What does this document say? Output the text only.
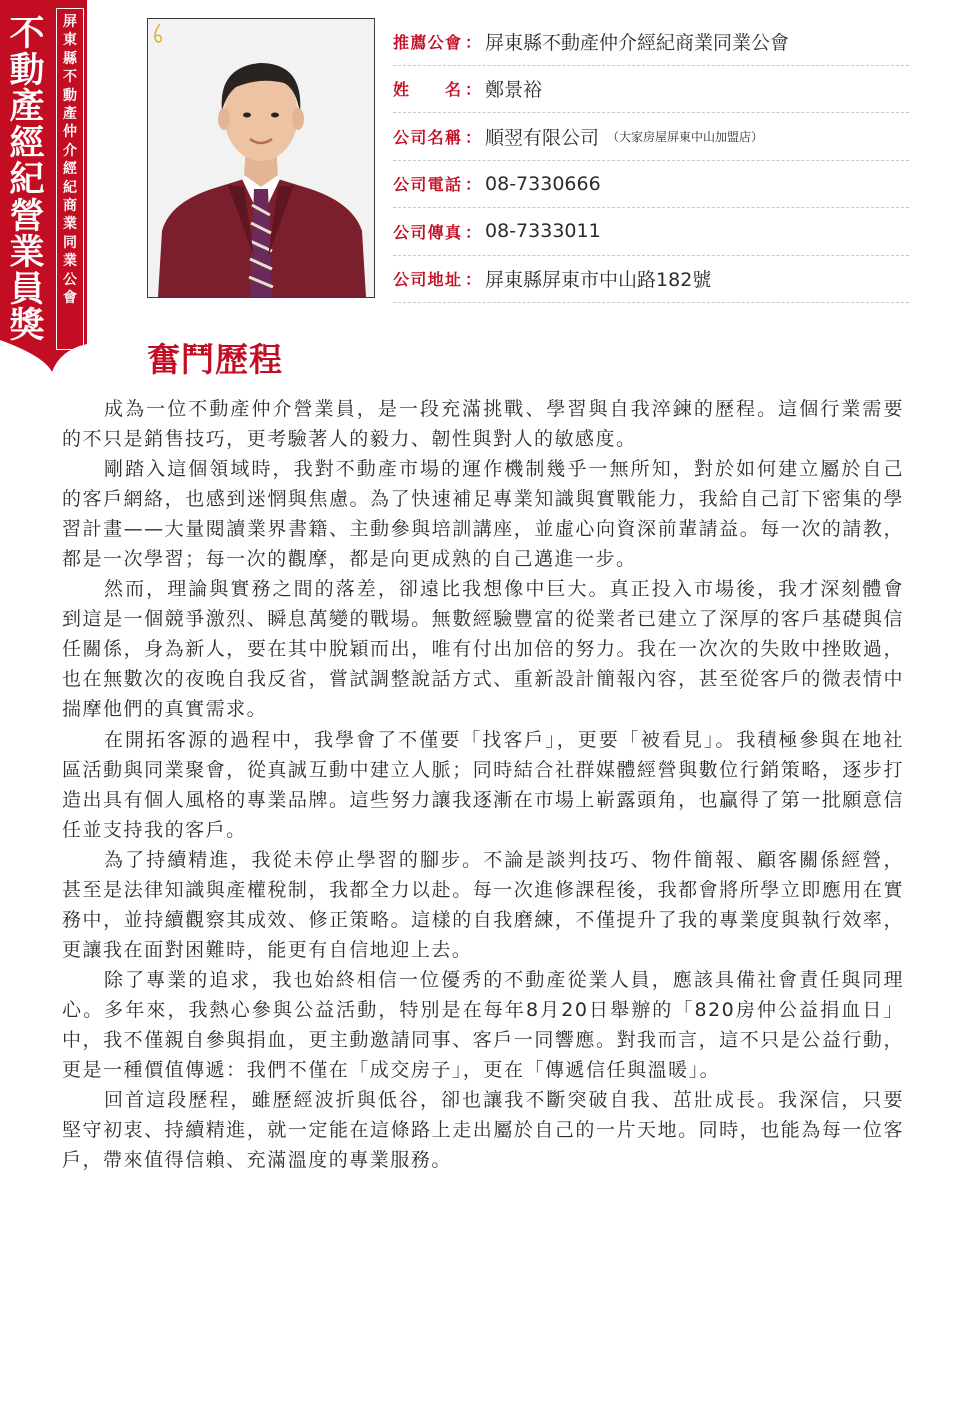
不
動
產
經
紀
營
業
員
獎
屏
東
縣
不
動
產
仲
介
經
紀
商
業
同
業
公
會
推薦公會 ： 屏東縣不動產仲介經紀商業同業公會
姓名 ： 鄭景裕
公司名稱 ： 順翌有限公司 （大家房屋屏東中山加盟店）
公司電話 ： 08-7330666
公司傳真 ： 08-7333011
公司地址 ： 屏東縣屏東市中山路182號
奮鬥歷程

成為一位不動產仲介營業員，是一段充滿挑戰、學習與自我淬鍊的歷程。這個行業需要的不只是銷售技巧，更考驗著人的毅力、韌性與對人的敏感度。

剛踏入這個領域時，我對不動產市場的運作機制幾乎一無所知，對於如何建立屬於自己的客戶網絡，也感到迷惘與焦慮。為了快速補足專業知識與實戰能力，我給自己訂下密集的學習計畫——大量閱讀業界書籍、主動參與培訓講座，並虛心向資深前輩請益。每一次的請教，都是一次學習；每一次的觀摩，都是向更成熟的自己邁進一步。

然而，理論與實務之間的落差，卻遠比我想像中巨大。真正投入市場後，我才深刻體會到這是一個競爭激烈、瞬息萬變的戰場。無數經驗豐富的從業者已建立了深厚的客戶基礎與信任關係，身為新人，要在其中脫穎而出，唯有付出加倍的努力。我在一次次的失敗中挫敗過，也在無數次的夜晚自我反省，嘗試調整說話方式、重新設計簡報內容，甚至從客戶的微表情中揣摩他們的真實需求。

在開拓客源的過程中，我學會了不僅要「找客戶」，更要「被看見」。我積極參與在地社區活動與同業聚會，從真誠互動中建立人脈；同時結合社群媒體經營與數位行銷策略，逐步打造出具有個人風格的專業品牌。這些努力讓我逐漸在市場上嶄露頭角，也贏得了第一批願意信任並支持我的客戶。

為了持續精進，我從未停止學習的腳步。不論是談判技巧、物件簡報、顧客關係經營，甚至是法律知識與產權稅制，我都全力以赴。每一次進修課程後，我都會將所學立即應用在實務中，並持續觀察其成效、修正策略。這樣的自我磨練，不僅提升了我的專業度與執行效率，更讓我在面對困難時，能更有自信地迎上去。

除了專業的追求，我也始終相信一位優秀的不動產從業人員，應該具備社會責任與同理心。多年來，我熱心參與公益活動，特別是在每年8月20日舉辦的「820房仲公益捐血日」中，我不僅親自參與捐血，更主動邀請同事、客戶一同響應。對我而言，這不只是公益行動，更是一種價值傳遞：我們不僅在「成交房子」，更在「傳遞信任與溫暖」。

回首這段歷程，雖歷經波折與低谷，卻也讓我不斷突破自我、茁壯成長。我深信，只要堅守初衷、持續精進，就一定能在這條路上走出屬於自己的一片天地。同時，也能為每一位客戶，帶來值得信賴、充滿溫度的專業服務。
